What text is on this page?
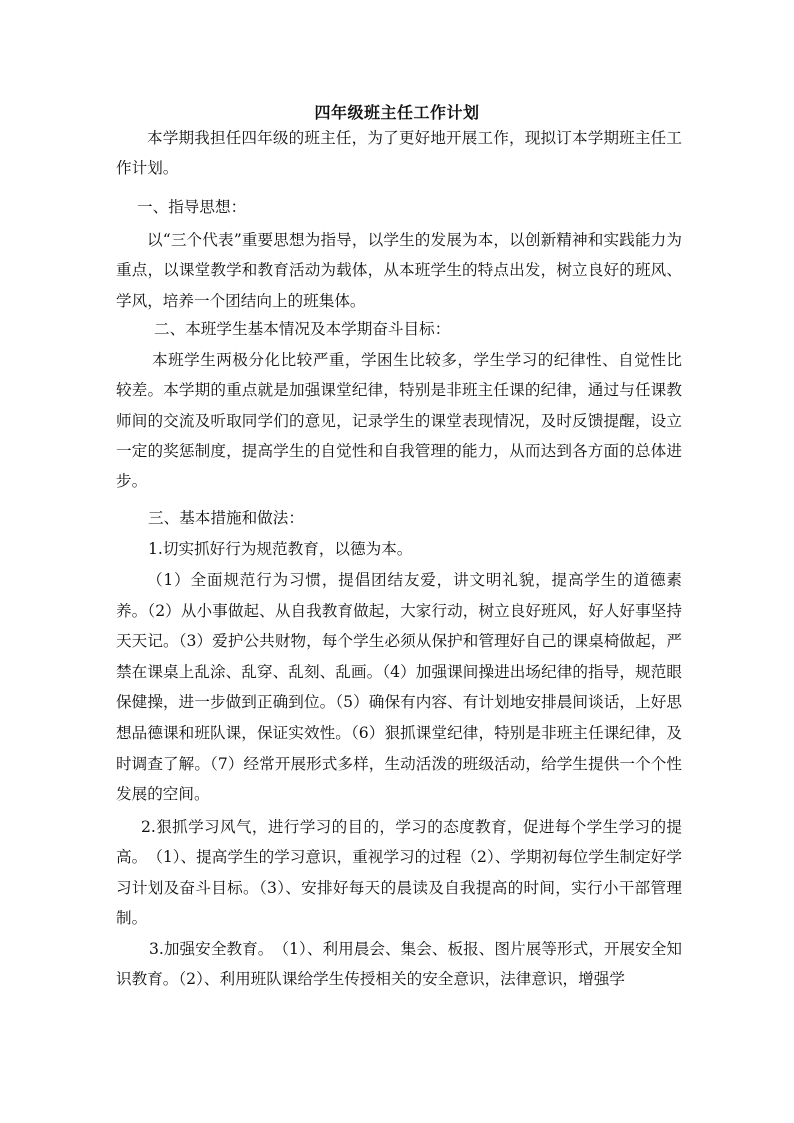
四年级班主任工作计划

本学期我担任四年级的班主任，为了更好地开展工作，现拟订本学期班主任工作计划。

一、指导思想：

以“三个代表”重要思想为指导，以学生的发展为本，以创新精神和实践能力为重点，以课堂教学和教育活动为载体，从本班学生的特点出发，树立良好的班风、学风，培养一个团结向上的班集体。

二、本班学生基本情况及本学期奋斗目标：

本班学生两极分化比较严重，学困生比较多，学生学习的纪律性、自觉性比较差。本学期的重点就是加强课堂纪律，特别是非班主任课的纪律，通过与任课教师间的交流及听取同学们的意见，记录学生的课堂表现情况，及时反馈提醒，设立一定的奖惩制度，提高学生的自觉性和自我管理的能力，从而达到各方面的总体进步。

三、基本措施和做法：

1.切实抓好行为规范教育，以德为本。

（1）全面规范行为习惯，提倡团结友爱，讲文明礼貌，提高学生的道德素养。（2）从小事做起、从自我教育做起，大家行动，树立良好班风，好人好事坚持天天记。（3）爱护公共财物，每个学生必须从保护和管理好自己的课桌椅做起，严禁在课桌上乱涂、乱穿、乱刻、乱画。（4）加强课间操进出场纪律的指导，规范眼保健操，进一步做到正确到位。（5）确保有内容、有计划地安排晨间谈话，上好思想品德课和班队课，保证实效性。（6）狠抓课堂纪律，特别是非班主任课纪律，及时调查了解。（7）经常开展形式多样，生动活泼的班级活动，给学生提供一个个性发展的空间。

2.狠抓学习风气，进行学习的目的，学习的态度教育，促进每个学生学习的提高。　（1）、提高学生的学习意识，重视学习的过程（2）、学期初每位学生制定好学习计划及奋斗目标。（3）、安排好每天的晨读及自我提高的时间，实行小干部管理制。

3.加强安全教育。　（1）、利用晨会、集会、板报、图片展等形式，开展安全知识教育。（2）、利用班队课给学生传授相关的安全意识，法律意识，增强学
